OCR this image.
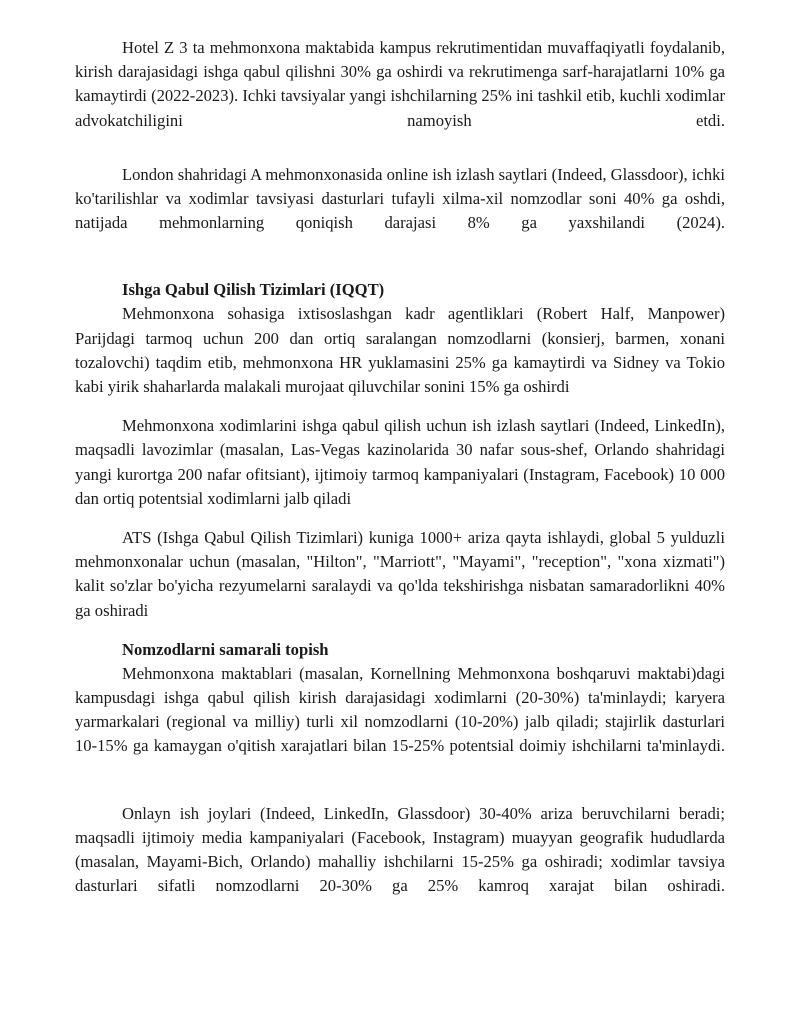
Hotel Z 3 ta mehmonxona maktabida kampus rekrutimentidan muvaffaqiyatli foydalanib, kirish darajasidagi ishga qabul qilishni 30% ga oshirdi va rekrutimenga sarf-harajatlarni 10% ga kamaytirdi (2022-2023). Ichki tavsiyalar yangi ishchilarning 25% ini tashkil etib, kuchli xodimlar advokatchiligini namoyish etdi.

London shahridagi A mehmonxonasida online ish izlash saytlari (Indeed, Glassdoor), ichki ko'tarilishlar va xodimlar tavsiyasi dasturlari tufayli xilma-xil nomzodlar soni 40% ga oshdi, natijada mehmonlarning qoniqish darajasi 8% ga yaxshilandi (2024).

Ishga Qabul Qilish Tizimlari (IQQT)

Mehmonxona sohasiga ixtisoslashgan kadr agentliklari (Robert Half, Manpower) Parijdagi tarmoq uchun 200 dan ortiq saralangan nomzodlarni (konsierj, barmen, xonani tozalovchi) taqdim etib, mehmonxona HR yuklamasini 25% ga kamaytirdi va Sidney va Tokio kabi yirik shaharlarda malakali murojaat qiluvchilar sonini 15% ga oshirdi

Mehmonxona xodimlarini ishga qabul qilish uchun ish izlash saytlari (Indeed, LinkedIn), maqsadli lavozimlar (masalan, Las-Vegas kazinolarida 30 nafar sous-shef, Orlando shahridagi yangi kurortga 200 nafar ofitsiant), ijtimoiy tarmoq kampaniyalari (Instagram, Facebook) 10 000 dan ortiq potentsial xodimlarni jalb qiladi

ATS (Ishga Qabul Qilish Tizimlari) kuniga 1000+ ariza qayta ishlaydi, global 5 yulduzli mehmonxonalar uchun (masalan, "Hilton", "Marriott", "Mayami", "reception", "xona xizmati") kalit so'zlar bo'yicha rezyumelarni saralaydi va qo'lda tekshirishga nisbatan samaradorlikni 40% ga oshiradi

Nomzodlarni samarali topish

Mehmonxona maktablari (masalan, Kornellning Mehmonxona boshqaruvi maktabi)dagi kampusdagi ishga qabul qilish kirish darajasidagi xodimlarni (20-30%) ta'minlaydi; karyera yarmarkalari (regional va milliy) turli xil nomzodlarni (10-20%) jalb qiladi; stajirlik dasturlari 10-15% ga kamaygan o'qitish xarajatlari bilan 15-25% potentsial doimiy ishchilarni ta'minlaydi.

Onlayn ish joylari (Indeed, LinkedIn, Glassdoor) 30-40% ariza beruvchilarni beradi; maqsadli ijtimoiy media kampaniyalari (Facebook, Instagram) muayyan geografik hududlarda (masalan, Mayami-Bich, Orlando) mahalliy ishchilarni 15-25% ga oshiradi; xodimlar tavsiya dasturlari sifatli nomzodlarni 20-30% ga 25% kamroq xarajat bilan oshiradi.
